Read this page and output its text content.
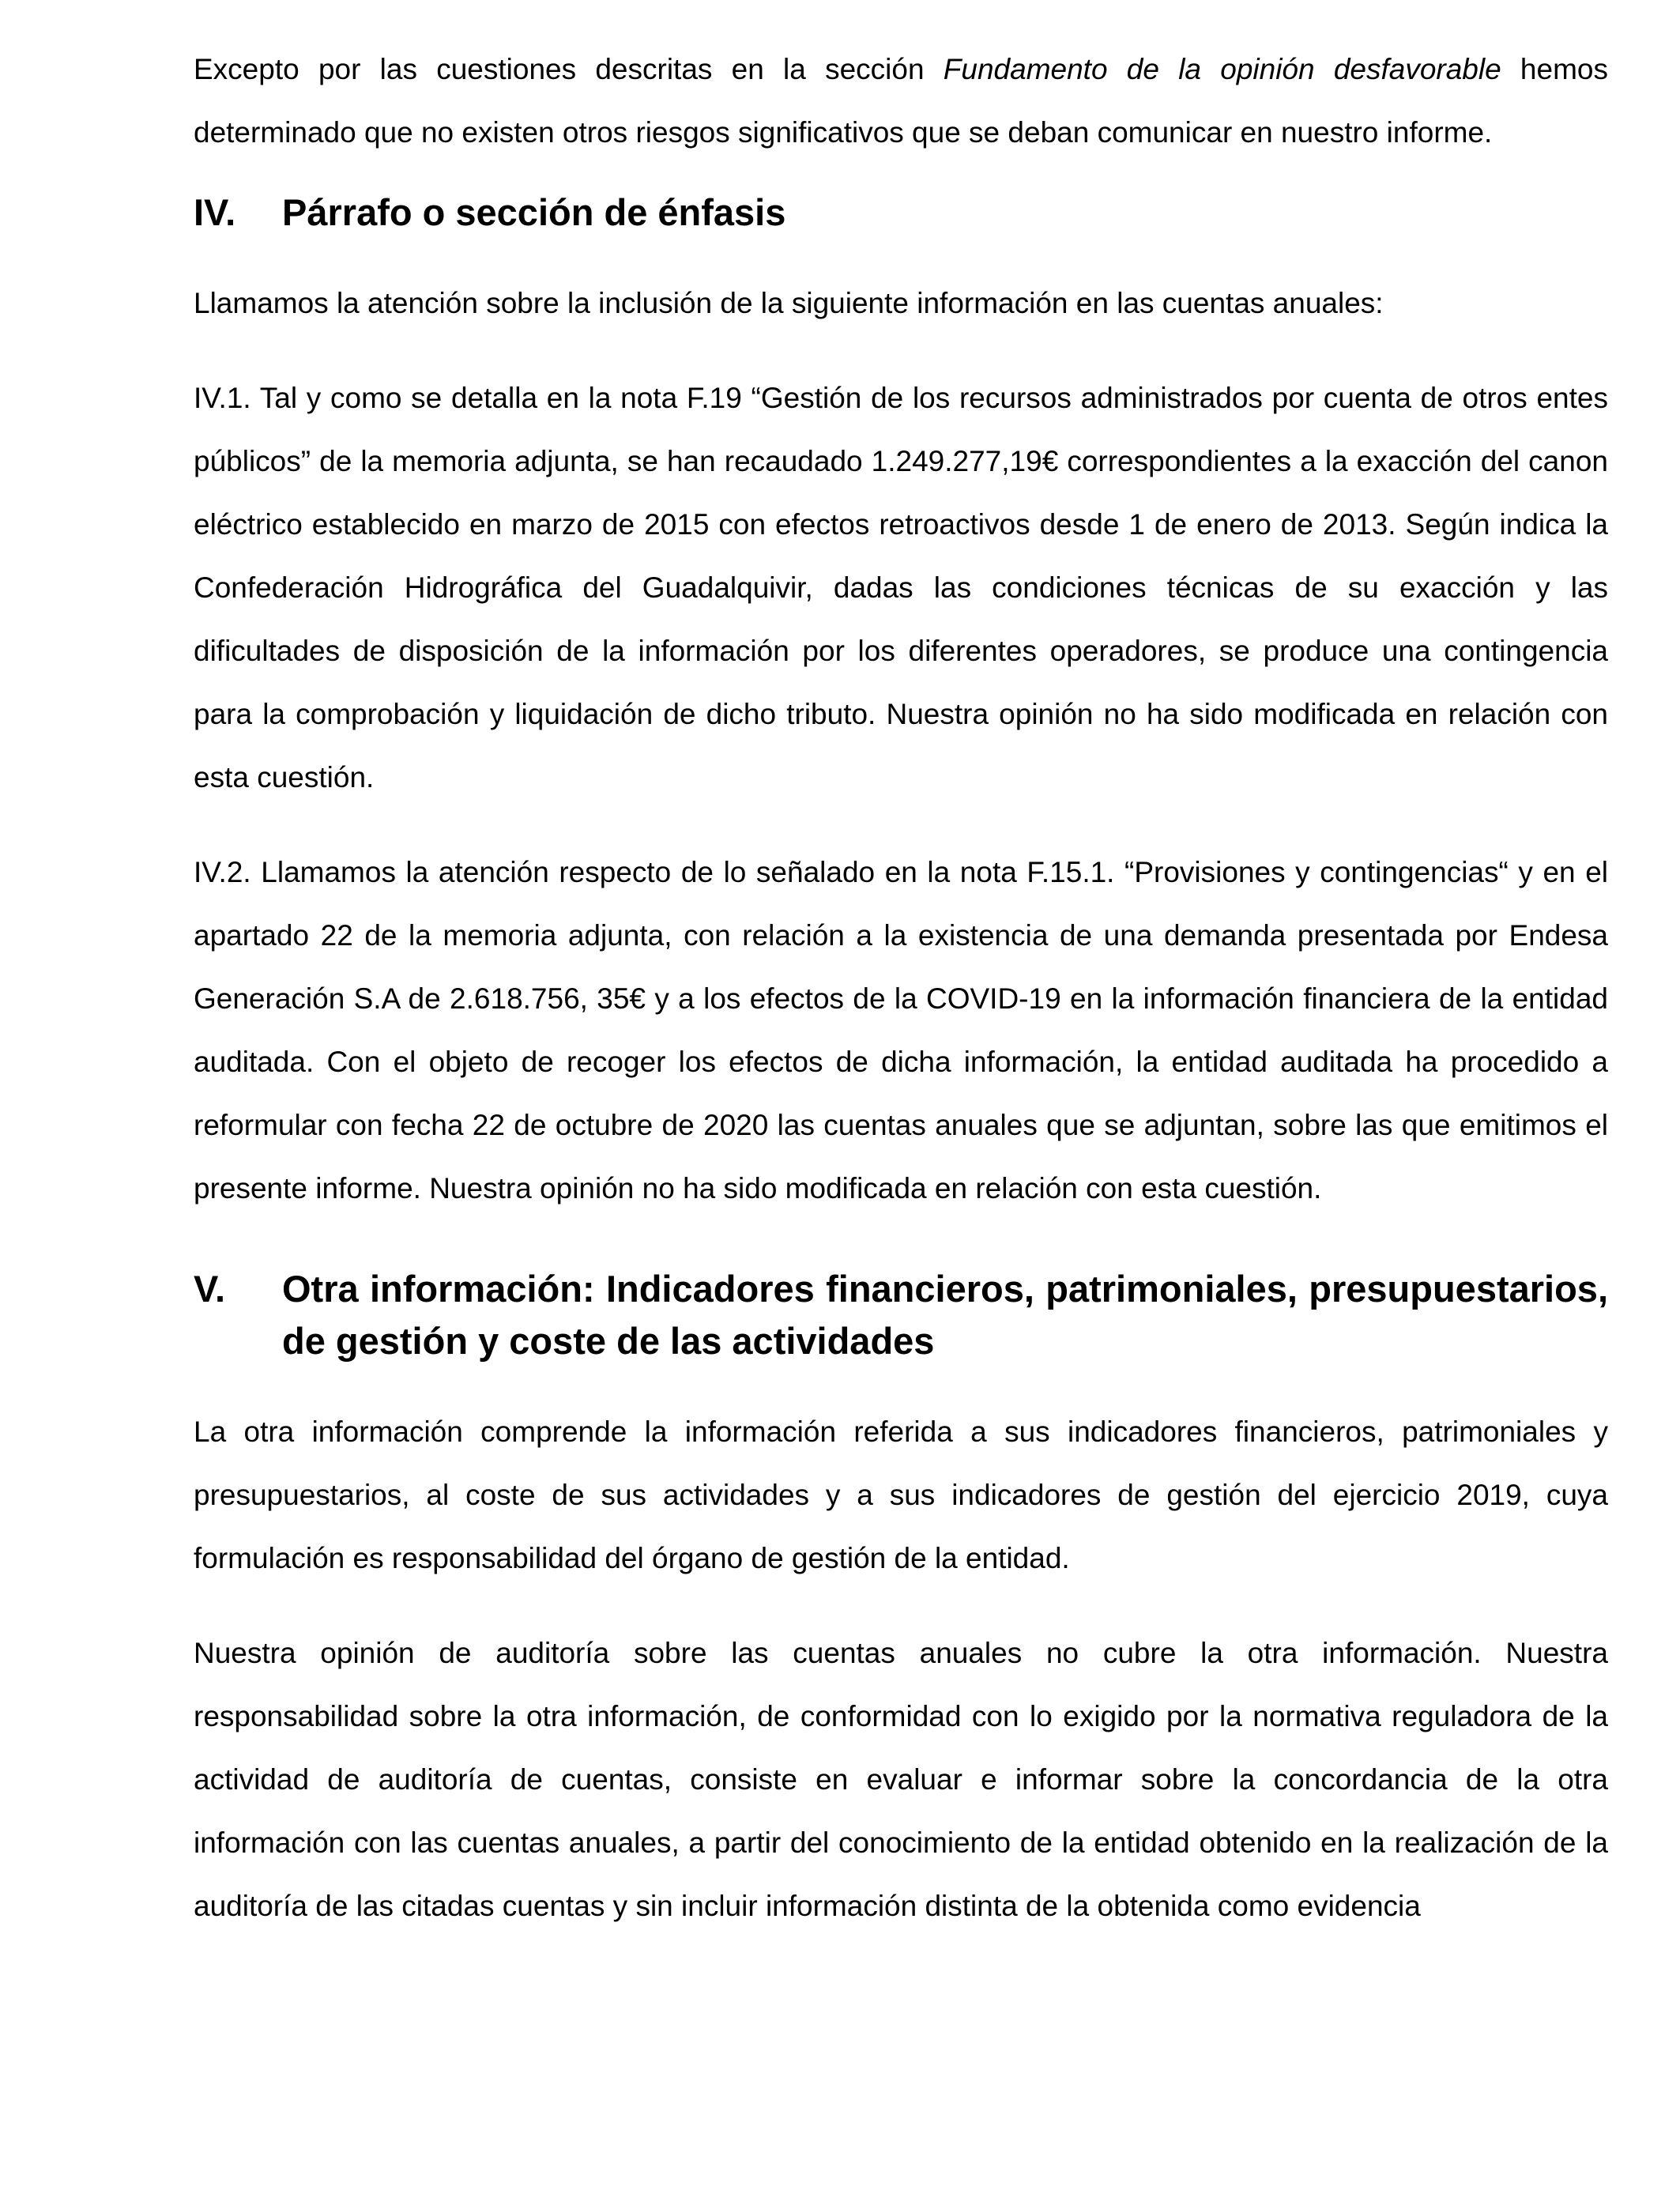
Excepto por las cuestiones descritas en la sección Fundamento de la opinión desfavorable hemos determinado que no existen otros riesgos significativos que se deban comunicar en nuestro informe.

IV.	Párrafo o sección de énfasis

Llamamos la atención sobre la inclusión de la siguiente información en las cuentas anuales:

IV.1. Tal y como se detalla en la nota F.19 “Gestión de los recursos administrados por cuenta de otros entes públicos” de la memoria adjunta, se han recaudado 1.249.277,19€ correspondientes a la exacción del canon eléctrico establecido en marzo de 2015 con efectos retroactivos desde 1 de enero de 2013. Según indica la Confederación Hidrográfica del Guadalquivir, dadas las condiciones técnicas de su exacción y las dificultades de disposición de la información por los diferentes operadores, se produce una contingencia para la comprobación y liquidación de dicho tributo. Nuestra opinión no ha sido modificada en relación con esta cuestión.

IV.2. Llamamos la atención respecto de lo señalado en la nota F.15.1. “Provisiones y contingencias“ y en el apartado 22 de la memoria adjunta, con relación a la existencia de una demanda presentada por Endesa Generación S.A de 2.618.756, 35€ y a los efectos de la COVID-19 en la información financiera de la entidad auditada. Con el objeto de recoger los efectos de dicha información, la entidad auditada ha procedido a reformular con fecha 22 de octubre de 2020 las cuentas anuales que se adjuntan, sobre las que emitimos el presente informe. Nuestra opinión no ha sido modificada en relación con esta cuestión.

V.	Otra información: Indicadores financieros, patrimoniales, presupuestarios, de gestión y coste de las actividades

La otra información comprende la información referida a sus indicadores financieros, patrimoniales y presupuestarios, al coste de sus actividades y a sus indicadores de gestión del ejercicio 2019, cuya formulación es responsabilidad del órgano de gestión de la entidad.

Nuestra opinión de auditoría sobre las cuentas anuales no cubre la otra información. Nuestra responsabilidad sobre la otra información, de conformidad con lo exigido por la normativa reguladora de la actividad de auditoría de cuentas, consiste en evaluar e informar sobre la concordancia de la otra información con las cuentas anuales, a partir del conocimiento de la entidad obtenido en la realización de la auditoría de las citadas cuentas y sin incluir información distinta de la obtenida como evidencia
